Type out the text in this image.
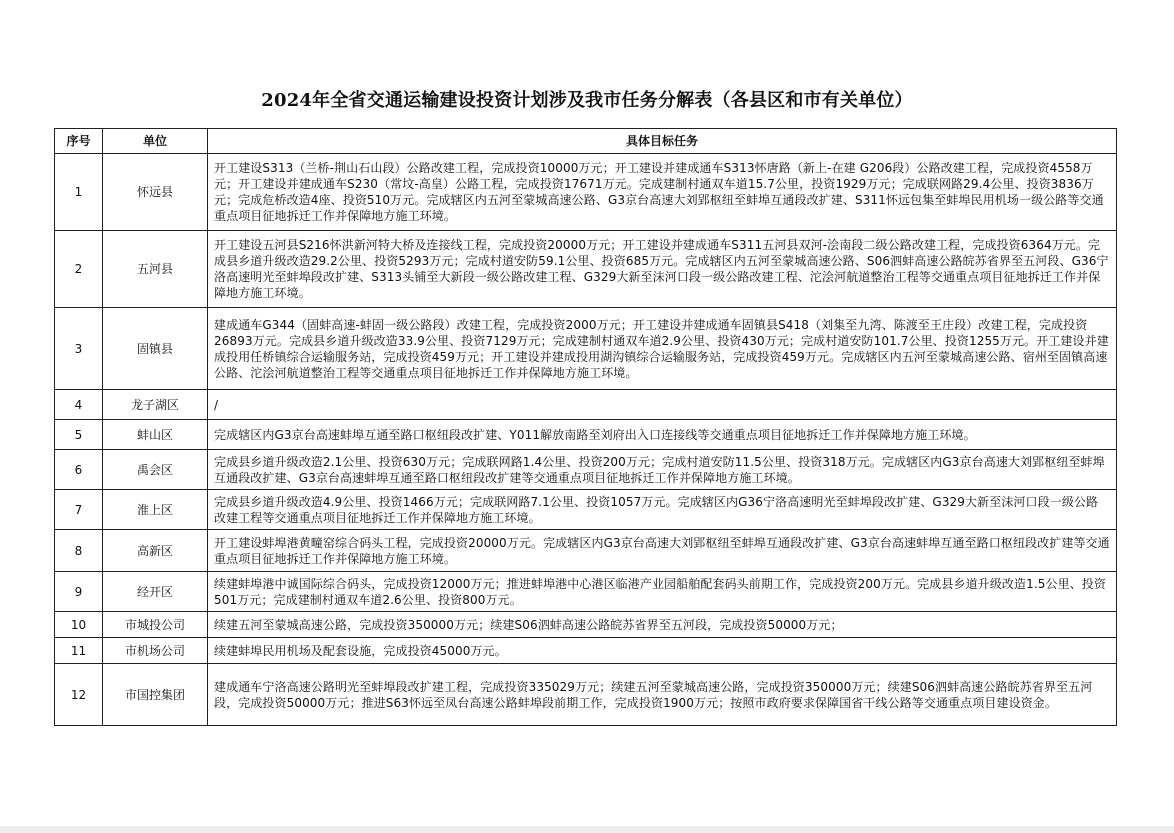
2024年全省交通运输建设投资计划涉及我市任务分解表（各县区和市有关单位）
序号	单位	具体目标任务
1	怀远县	开工建设S313（兰桥-荆山石山段）公路改建工程，完成投资10000万元；开工建设并建成通车S313怀唐路（新上-在建 G206段）公路改建工程，完成投资4558万元；开工建设并建成通车S230（常坟-高皇）公路工程，完成投资17671万元。完成建制村通双车道15.7公里，投资1929万元；完成联网路29.4公里、投资3836万元；完成危桥改造4座、投资510万元。完成辖区内五河至蒙城高速公路、G3京台高速大刘郢枢纽至蚌埠互通段改扩建、S311怀远包集至蚌埠民用机场一级公路等交通重点项目征地拆迁工作并保障地方施工环境。
2	五河县	开工建设五河县S216怀洪新河特大桥及连接线工程，完成投资20000万元；开工建设并建成通车S311五河县双河-浍南段二级公路改建工程，完成投资6364万元。完成县乡道升级改造29.2公里、投资5293万元；完成村道安防59.1公里、投资685万元。完成辖区内五河至蒙城高速公路、S06泗蚌高速公路皖苏省界至五河段、G36宁洛高速明光至蚌埠段改扩建、S313头铺至大新段一级公路改建工程、G329大新至沫河口段一级公路改建工程、沱浍河航道整治工程等交通重点项目征地拆迁工作并保障地方施工环境。
3	固镇县	建成通车G344（固蚌高速-蚌固一级公路段）改建工程，完成投资2000万元；开工建设并建成通车固镇县S418（刘集至九湾、陈渡至王庄段）改建工程，完成投资26893万元。完成县乡道升级改造33.9公里、投资7129万元；完成建制村通双车道2.9公里、投资430万元；完成村道安防101.7公里、投资1255万元。开工建设并建成投用任桥镇综合运输服务站，完成投资459万元；开工建设并建成投用湖沟镇综合运输服务站，完成投资459万元。完成辖区内五河至蒙城高速公路、宿州至固镇高速公路、沱浍河航道整治工程等交通重点项目征地拆迁工作并保障地方施工环境。
4	龙子湖区	/
5	蚌山区	完成辖区内G3京台高速蚌埠互通至路口枢纽段改扩建、Y011解放南路至刘府出入口连接线等交通重点项目征地拆迁工作并保障地方施工环境。
6	禹会区	完成县乡道升级改造2.1公里、投资630万元；完成联网路1.4公里、投资200万元；完成村道安防11.5公里、投资318万元。完成辖区内G3京台高速大刘郢枢纽至蚌埠互通段改扩建、G3京台高速蚌埠互通至路口枢纽段改扩建等交通重点项目征地拆迁工作并保障地方施工环境。
7	淮上区	完成县乡道升级改造4.9公里、投资1466万元；完成联网路7.1公里、投资1057万元。完成辖区内G36宁洛高速明光至蚌埠段改扩建、G329大新至沫河口段一级公路改建工程等交通重点项目征地拆迁工作并保障地方施工环境。
8	高新区	开工建设蚌埠港黄疃窑综合码头工程，完成投资20000万元。完成辖区内G3京台高速大刘郢枢纽至蚌埠互通段改扩建、G3京台高速蚌埠互通至路口枢纽段改扩建等交通重点项目征地拆迁工作并保障地方施工环境。
9	经开区	续建蚌埠港中诚国际综合码头，完成投资12000万元；推进蚌埠港中心港区临港产业园船舶配套码头前期工作，完成投资200万元。完成县乡道升级改造1.5公里、投资501万元；完成建制村通双车道2.6公里、投资800万元。
10	市城投公司	续建五河至蒙城高速公路，完成投资350000万元；续建S06泗蚌高速公路皖苏省界至五河段，完成投资50000万元；
11	市机场公司	续建蚌埠民用机场及配套设施，完成投资45000万元。
12	市国控集团	建成通车宁洛高速公路明光至蚌埠段改扩建工程，完成投资335029万元；续建五河至蒙城高速公路，完成投资350000万元；续建S06泗蚌高速公路皖苏省界至五河段，完成投资50000万元；推进S63怀远至凤台高速公路蚌埠段前期工作，完成投资1900万元；按照市政府要求保障国省干线公路等交通重点项目建设资金。
